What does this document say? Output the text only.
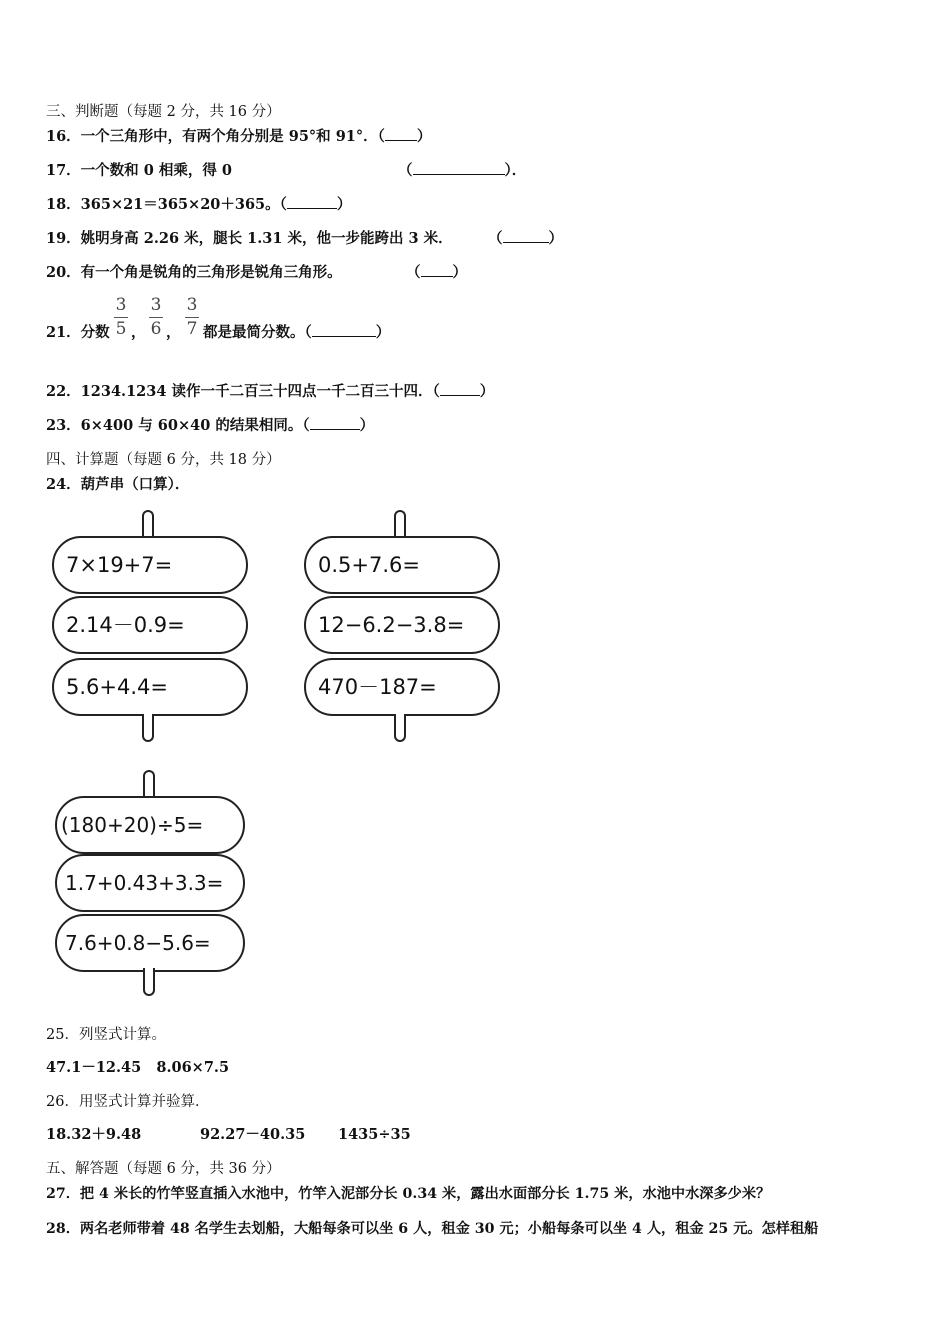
三、判断题（每题 2 分，共 16 分）
16．一个三角形中，有两个角分别是 95°和 91°．（ ）
17．一个数和 0 相乘，得 0	（	）．
18．365×21＝365×20＋365。（	）
19．姚明身高 2.26 米，腿长 1.31 米，他一步能跨出 3 米． （	）
20．有一个角是锐角的三角形是锐角三角形。	（ ）
21．分数
3
5 ，
3
6 ，
3
7 都是最简分数。（	）
22．1234.1234 读作一千二百三十四点一千二百三十四．（	）
23．6×400 与 60×40 的结果相同。（	）
四、计算题（每题 6 分，共 18 分）
24．葫芦串（口算）．
7×19+7=
2.14－0.9=
5.6+4.4=
0.5+7.6=
12−6.2−3.8=
470－187=
(180+20)÷5=
1.7+0.43+3.3=
7.6+0.8−5.6=
25．列竖式计算。
47.1－12.45   8.06×7.5
26．用竖式计算并验算．
18.32＋9.48	92.27－40.35 1435÷35
五、解答题（每题 6 分，共 36 分）
27．把 4 米长的竹竿竖直插入水池中，竹竿入泥部分长 0.34 米，露出水面部分长 1.75 米，水池中水深多少米？
28．两名老师带着 48 名学生去划船，大船每条可以坐 6 人，租金 30 元；小船每条可以坐 4 人，租金 25 元。怎样租船
